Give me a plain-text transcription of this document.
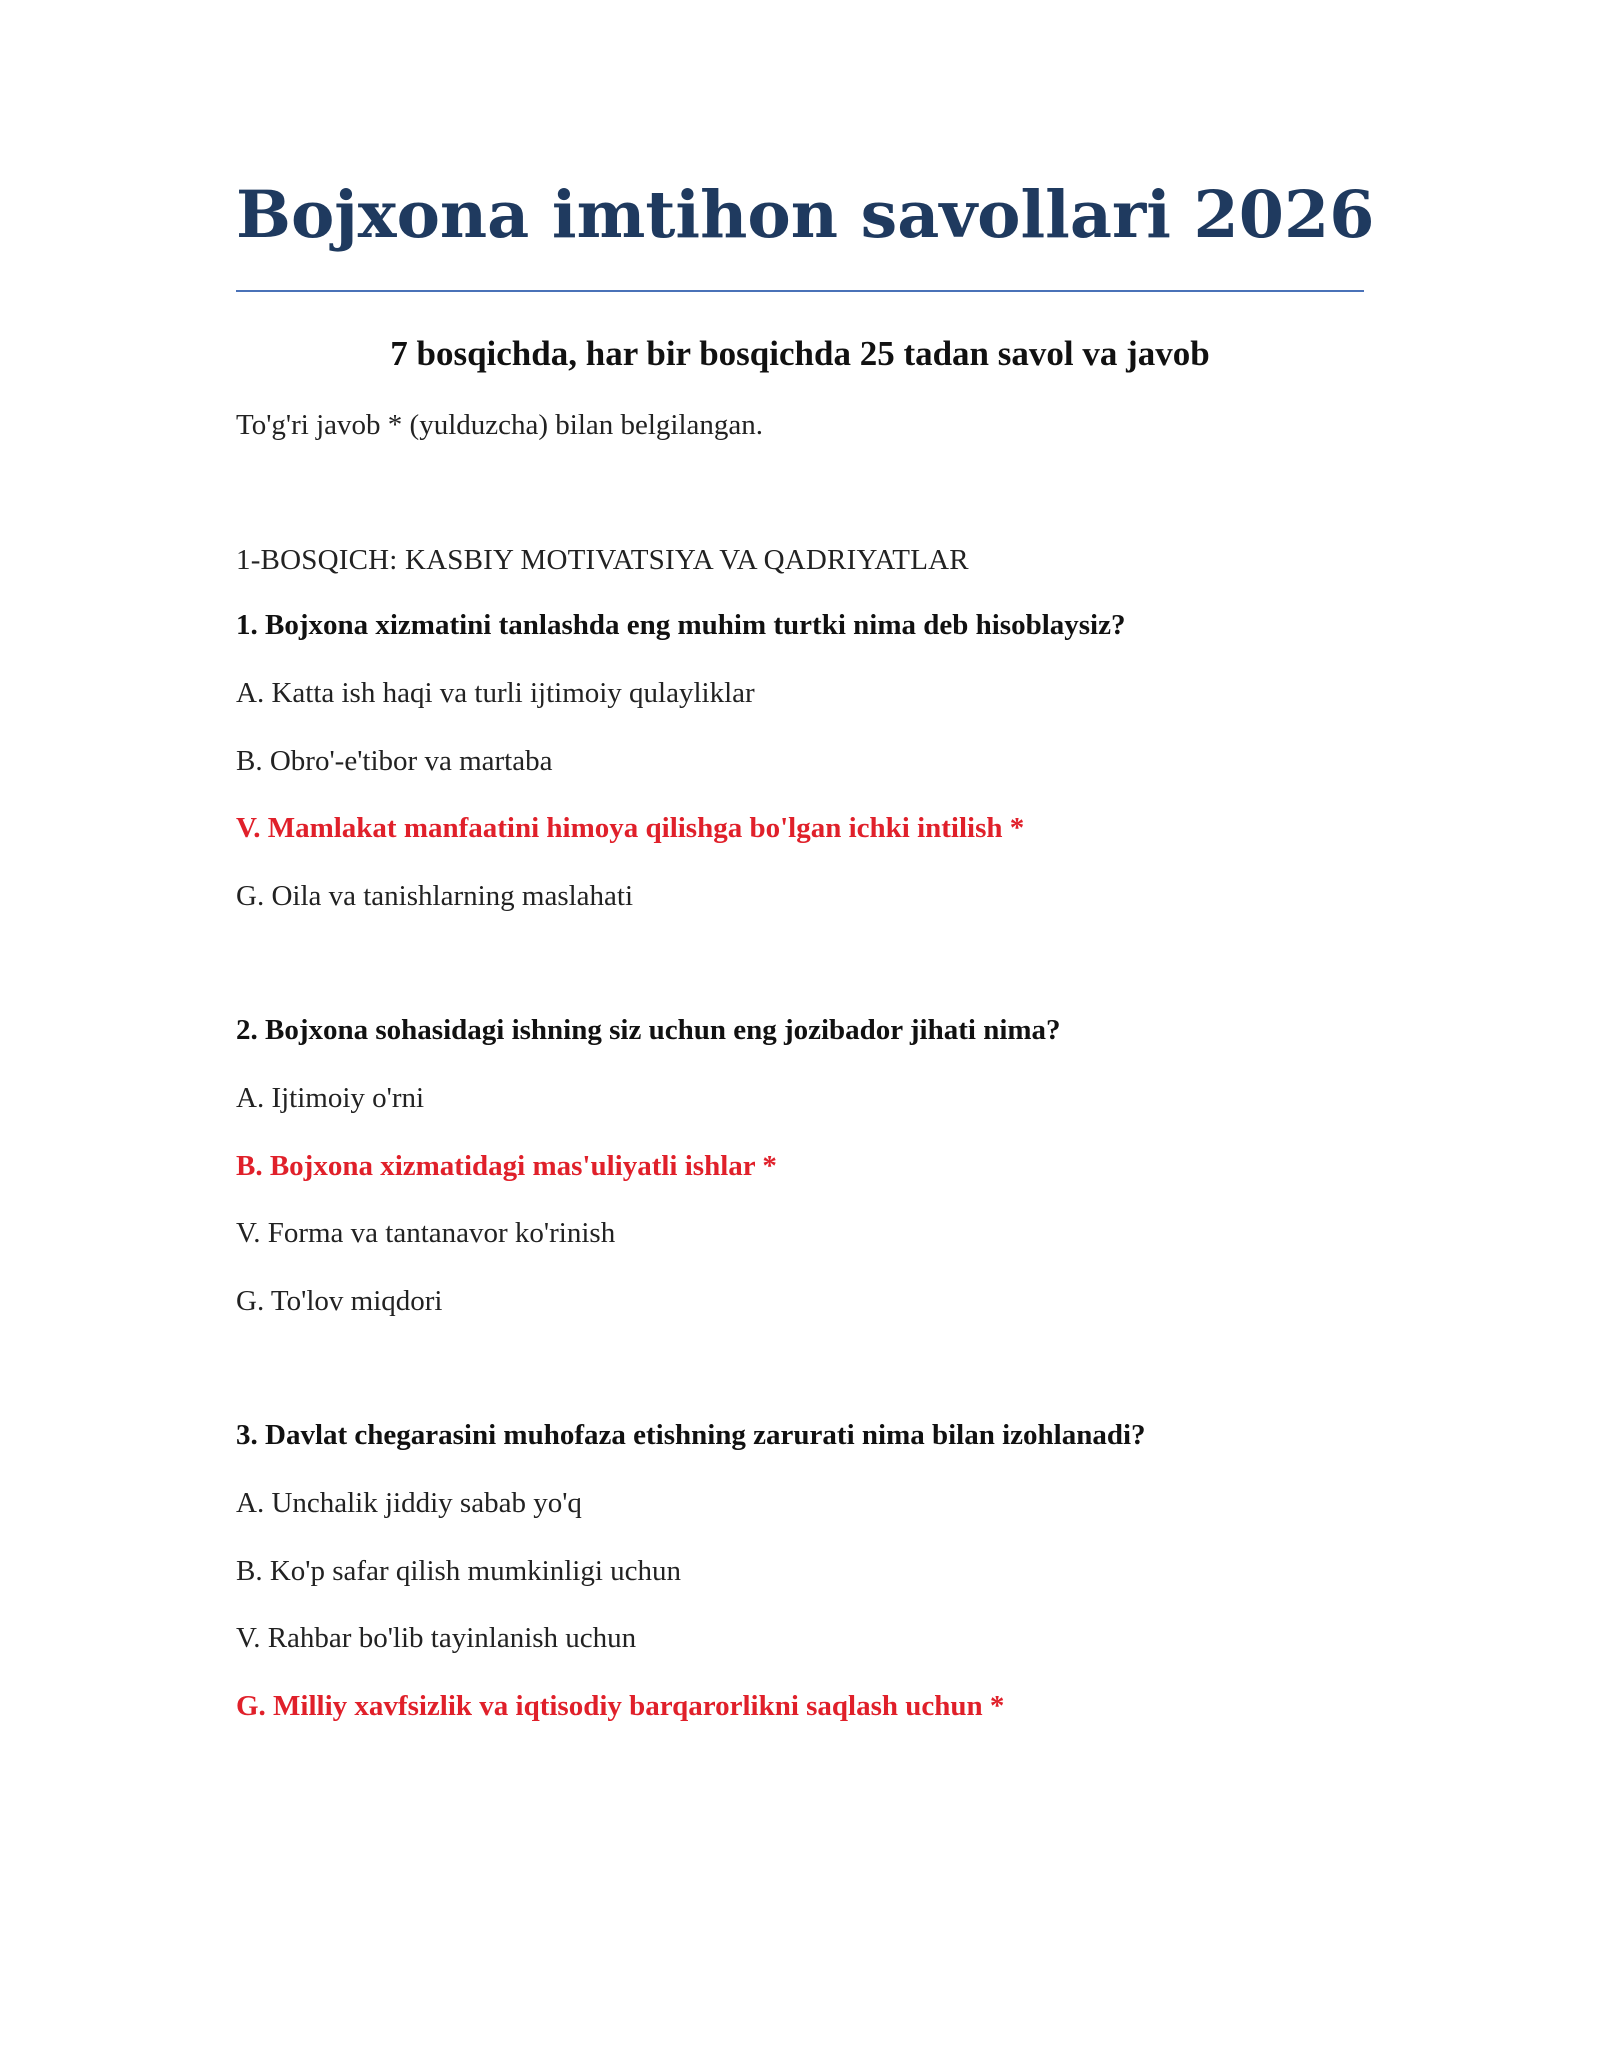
Bojxona imtihon savollari 2026
7 bosqichda, har bir bosqichda 25 tadan savol va javob

To'g'ri javob * (yulduzcha) bilan belgilangan.

1-BOSQICH: KASBIY MOTIVATSIYA VA QADRIYATLAR

1. Bojxona xizmatini tanlashda eng muhim turtki nima deb hisoblaysiz?

A. Katta ish haqi va turli ijtimoiy qulayliklar

B. Obro'-e'tibor va martaba

V. Mamlakat manfaatini himoya qilishga bo'lgan ichki intilish *

G. Oila va tanishlarning maslahati

2. Bojxona sohasidagi ishning siz uchun eng jozibador jihati nima?

A. Ijtimoiy o'rni

B. Bojxona xizmatidagi mas'uliyatli ishlar *

V. Forma va tantanavor ko'rinish

G. To'lov miqdori

3. Davlat chegarasini muhofaza etishning zarurati nima bilan izohlanadi?

A. Unchalik jiddiy sabab yo'q

B. Ko'p safar qilish mumkinligi uchun

V. Rahbar bo'lib tayinlanish uchun

G. Milliy xavfsizlik va iqtisodiy barqarorlikni saqlash uchun *
